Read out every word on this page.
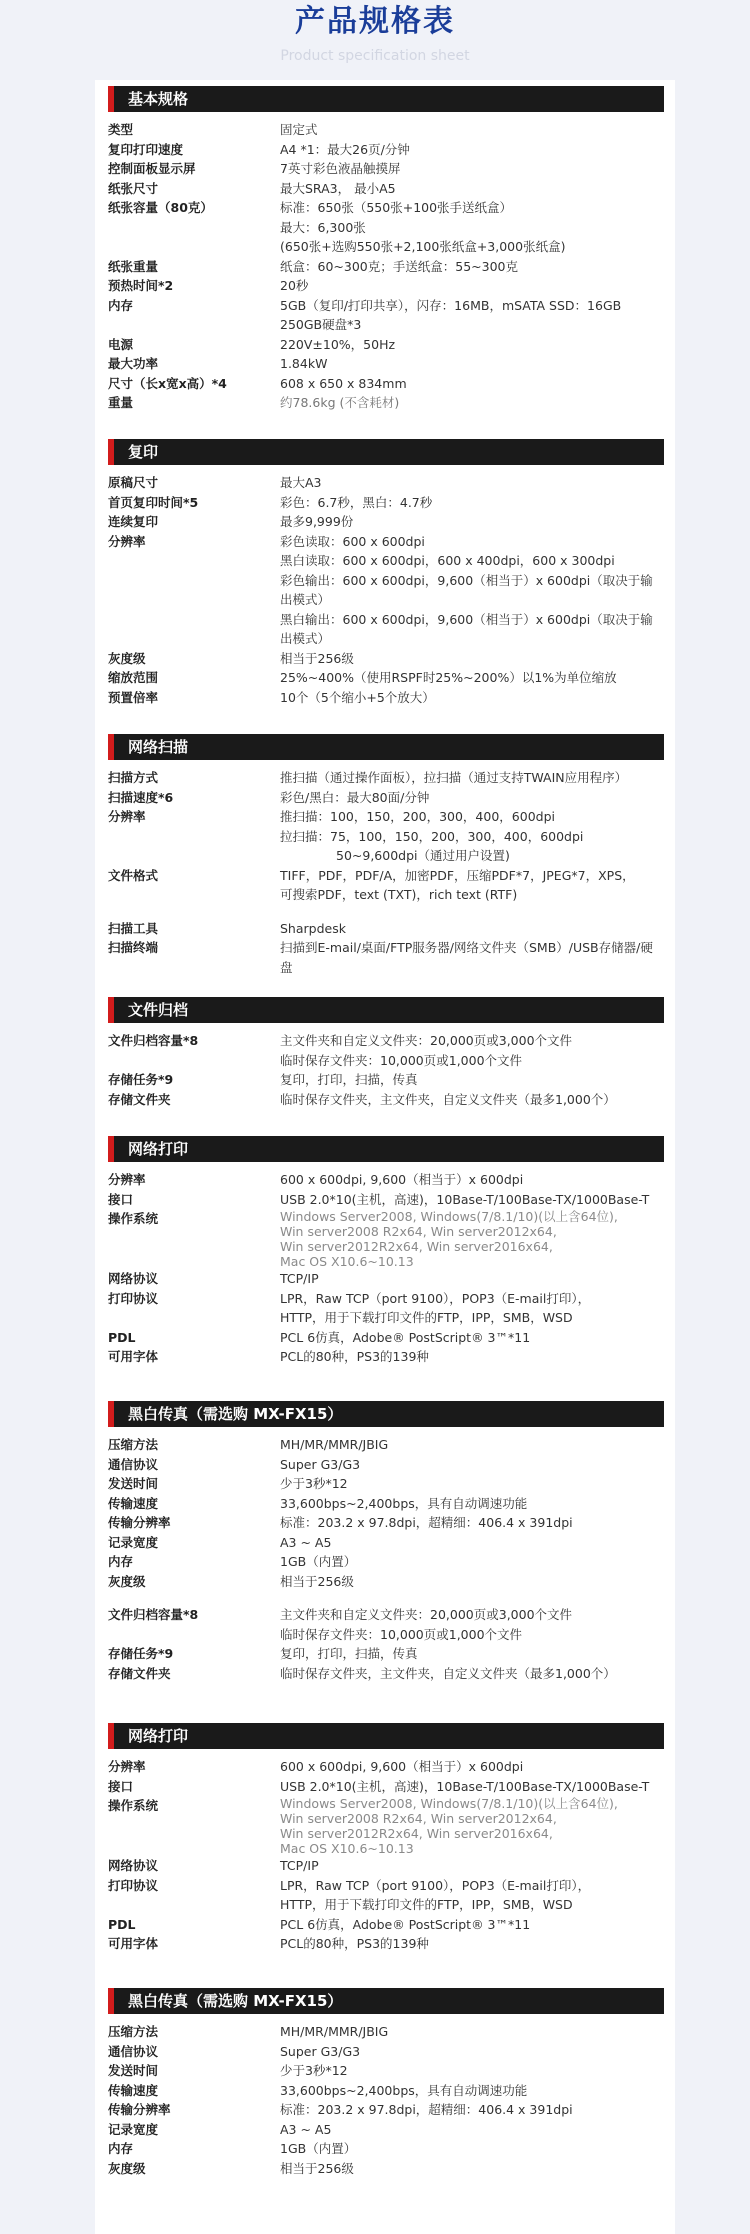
产品规格表
Product specification sheet
基本规格
类型	固定式
复印打印速度	A4 *1：最大26页/分钟
控制面板显示屏	7英寸彩色液晶触摸屏
纸张尺寸	最大SRA3， 最小A5
纸张容量（80克）	标准：650张（550张+100张手送纸盒）
最大：6,300张
(650张+选购550张+2,100张纸盒+3,000张纸盒)
纸张重量	纸盒：60~300克；手送纸盒：55~300克
预热时间*2	20秒
内存	5GB（复印/打印共享），闪存：16MB，mSATA SSD：16GB
250GB硬盘*3
电源	220V±10%，50Hz
最大功率	1.84kW
尺寸（长x宽x高）*4	608 x 650 x 834mm
重量	约78.6kg (不含耗材)
复印
原稿尺寸	最大A3
首页复印时间*5	彩色：6.7秒，黑白：4.7秒
连续复印	最多9,999份
分辨率	彩色读取：600 x 600dpi
黑白读取：600 x 600dpi，600 x 400dpi，600 x 300dpi
彩色输出：600 x 600dpi，9,600（相当于）x 600dpi（取决于输出模式）
黑白输出：600 x 600dpi，9,600（相当于）x 600dpi（取决于输出模式）
灰度级	相当于256级
缩放范围	25%~400%（使用RSPF时25%~200%）以1%为单位缩放
预置倍率	10个（5个缩小+5个放大）
网络扫描
扫描方式	推扫描（通过操作面板），拉扫描（通过支持TWAIN应用程序）
扫描速度*6	彩色/黑白：最大80面/分钟
分辨率	推扫描：100，150，200，300，400，600dpi
拉扫描：75，100，150，200，300，400，600dpi
50~9,600dpi（通过用户设置)
文件格式	TIFF，PDF，PDF/A，加密PDF，压缩PDF*7，JPEG*7，XPS，
可搜索PDF，text (TXT)，rich text (RTF)
扫描工具	Sharpdesk
扫描终端	扫描到E-mail/桌面/FTP服务器/网络文件夹（SMB）/USB存储器/硬盘
文件归档
文件归档容量*8	主文件夹和自定义文件夹：20,000页或3,000个文件
临时保存文件夹：10,000页或1,000个文件
存储任务*9	复印，打印，扫描，传真
存储文件夹	临时保存文件夹，主文件夹，自定义文件夹（最多1,000个）
网络打印
分辨率	600 x 600dpi, 9,600（相当于）x 600dpi
接口	USB 2.0*10(主机，高速)，10Base-T/100Base-TX/1000Base-T
操作系统	Windows Server2008, Windows(7/8.1/10)(以上含64位),
Win server2008 R2x64, Win server2012x64,
Win server2012R2x64, Win server2016x64,
Mac OS X10.6~10.13
网络协议	TCP/IP
打印协议	LPR，Raw TCP（port 9100），POP3（E-mail打印），
HTTP，用于下载打印文件的FTP，IPP，SMB，WSD
PDL	PCL 6仿真，Adobe® PostScript® 3™*11
可用字体	PCL的80种，PS3的139种
黑白传真（需选购 MX-FX15）
压缩方法	MH/MR/MMR/JBIG
通信协议	Super G3/G3
发送时间	少于3秒*12
传输速度	33,600bps~2,400bps，具有自动调速功能
传输分辨率	标准：203.2 x 97.8dpi，超精细：406.4 x 391dpi
记录宽度	A3 ~ A5
内存	1GB（内置）
灰度级	相当于256级
文件归档容量*8	主文件夹和自定义文件夹：20,000页或3,000个文件
临时保存文件夹：10,000页或1,000个文件
存储任务*9	复印，打印，扫描，传真
存储文件夹	临时保存文件夹，主文件夹，自定义文件夹（最多1,000个）
网络打印
分辨率	600 x 600dpi, 9,600（相当于）x 600dpi
接口	USB 2.0*10(主机，高速)，10Base-T/100Base-TX/1000Base-T
操作系统	Windows Server2008, Windows(7/8.1/10)(以上含64位),
Win server2008 R2x64, Win server2012x64,
Win server2012R2x64, Win server2016x64,
Mac OS X10.6~10.13
网络协议	TCP/IP
打印协议	LPR，Raw TCP（port 9100），POP3（E-mail打印），
HTTP，用于下载打印文件的FTP，IPP，SMB，WSD
PDL	PCL 6仿真，Adobe® PostScript® 3™*11
可用字体	PCL的80种，PS3的139种
黑白传真（需选购 MX-FX15）
压缩方法	MH/MR/MMR/JBIG
通信协议	Super G3/G3
发送时间	少于3秒*12
传输速度	33,600bps~2,400bps，具有自动调速功能
传输分辨率	标准：203.2 x 97.8dpi，超精细：406.4 x 391dpi
记录宽度	A3 ~ A5
内存	1GB（内置）
灰度级	相当于256级
